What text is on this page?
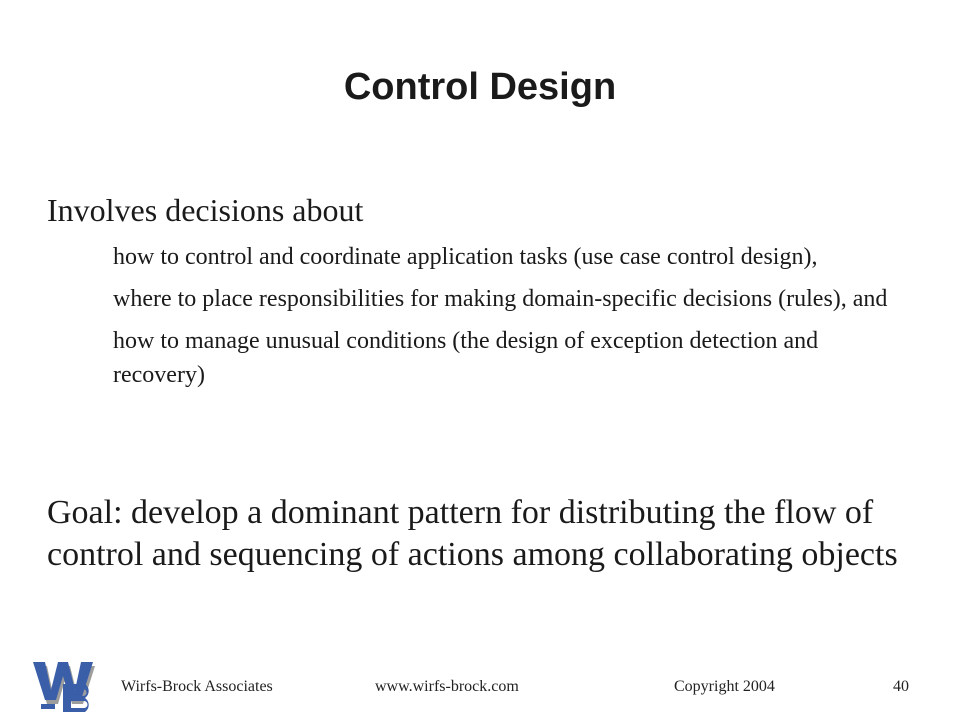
Control Design

Involves decisions about

how to control and coordinate application tasks (use case control design),
where to place responsibilities for making domain-specific decisions (rules), and
how to manage unusual conditions (the design of exception detection and recovery)

Goal: develop a dominant pattern for distributing the flow of control and sequencing of actions among collaborating objects

Wirfs-Brock Associates	www.wirfs-brock.com	Copyright 2004	40
